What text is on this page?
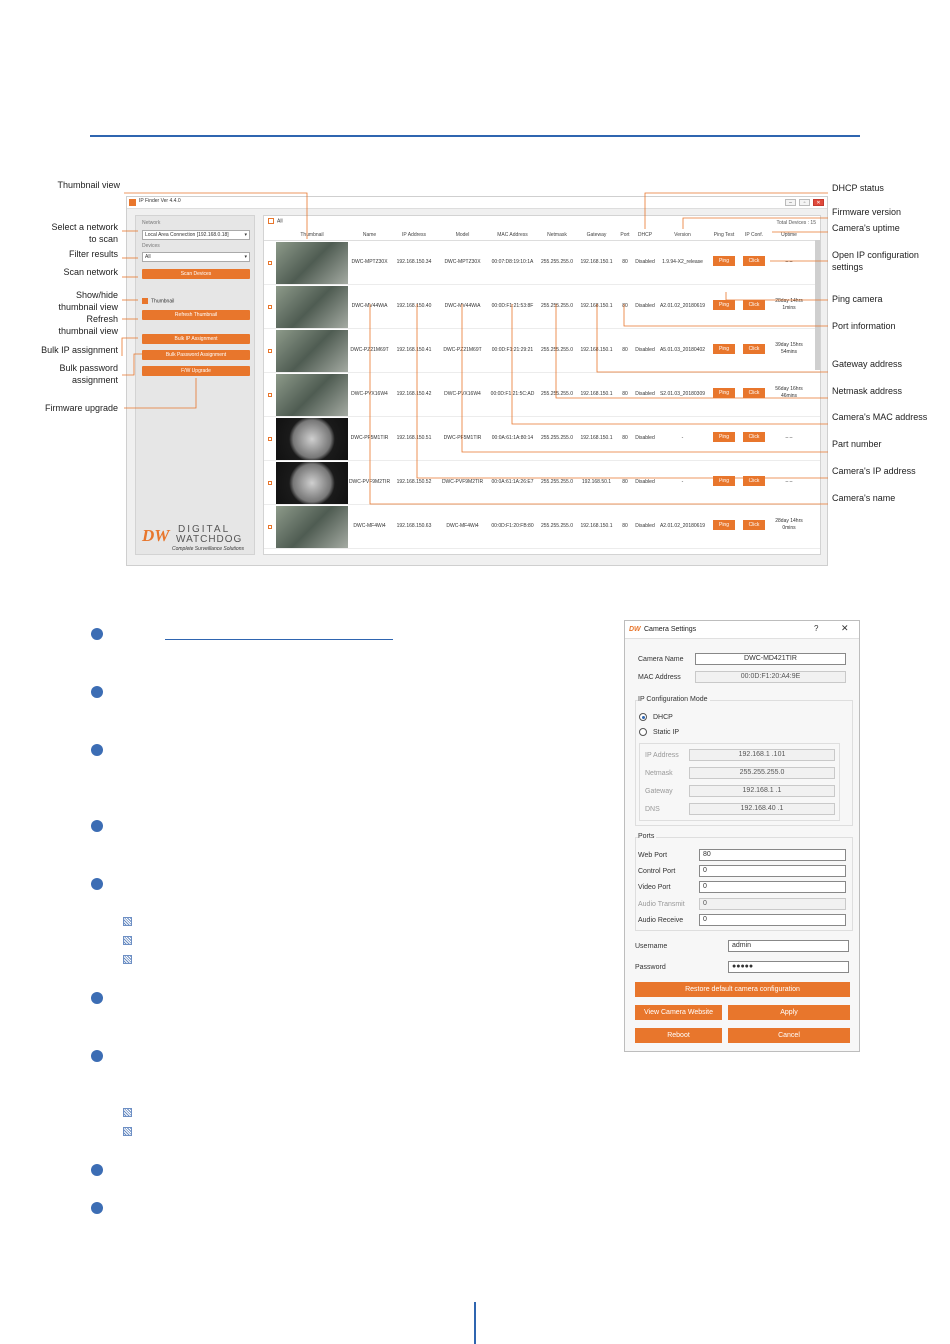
IP Finder Ver 4.4.0	–	▫	✕
Network
Local Area Connection [192.168.0.18]	▾
Devices
All	▾
Scan Devices
Thumbnail
Refresh Thumbnail
Bulk IP Assignment
Bulk Password Assignment
F/W Upgrade
DW DIGITAL
WATCHDOG
Complete Surveillance Solutions
All	Total Devices : 15
Thumbnail	Name	IP Address	Model	MAC Address	Netmask	Gateway	Port	DHCP	Version	Ping Test	IP Conf.	Uptime
DWC-MPTZ30X	192.168.150.34	DWC-MPTZ30X	00:07:D8:19:10:1A	255.255.255.0	192.168.150.1	80	Disabled	1.9.94-X2_release	Ping	Click	– –
DWC-MV44WiA	192.168.150.40	DWC-MV44WiA	00:0D:F1:21:53:8F	255.255.255.0	192.168.150.1	80	Disabled	A2.01.02_20180619	Ping	Click
28day 14hrs
1mins
DWC-PZ21M69T	192.168.150.41	DWC-PZ21M69T	00:0D:F1:21:29:21	255.255.255.0	192.168.150.1	80	Disabled	A5.01.03_20180402	Ping	Click
39day 15hrs
54mins
DWC-PVX16W4	192.168.150.42	DWC-PVX16W4	00:0D:F1:21:5C:AD	255.255.255.0	192.168.150.1	80	Disabled	S2.01.03_20180309	Ping	Click
56day 16hrs
46mins
DWC-PF5M1TIR	192.168.150.51	DWC-PF5M1TIR	00:0A:61:1A:80:14	255.255.255.0	192.168.150.1	80	Disabled	-	Ping	Click	– –
DWC-PVF9M2TIR	192.168.150.52	DWC-PVF9M2TIR	00:0A:61:1A:26:E7	255.255.255.0	192.168.50.1	80	Disabled	-	Ping	Click	– –
DWC-MF4Wi4	192.168.150.63	DWC-MF4Wi4	00:0D:F1:20:FB:80	255.255.255.0	192.168.150.1	80	Disabled	A2.01.02_20180619	Ping	Click
28day 14hrs
0mins
Thumbnail view
Select a network
to scan
Filter results
Scan network
Show/hide
thumbnail view
Refresh
thumbnail view
Bulk IP assignment
Bulk password
assignment
Firmware upgrade
DHCP status
Firmware version
Camera's uptime
Open IP configuration
settings
Ping camera
Port information
Gateway address
Netmask address
Camera's MAC address
Part number
Camera's IP address
Camera's name
DW Camera Settings	?	✕
Camera Name	DWC-MD421TIR
MAC Address	00:0D:F1:20:A4:9E
IP Configuration Mode
DHCP
Static IP
IP Address	192.168.1 .101
Netmask	255.255.255.0
Gateway	192.168.1 .1
DNS	192.168.40 .1
Ports
Web Port	80
Control Port	0
Video Port	0
Audio Transmit	0
Audio Receive	0
Username	admin
Password	●●●●●
Restore default camera configuration
View Camera Website	Apply
Reboot	Cancel
